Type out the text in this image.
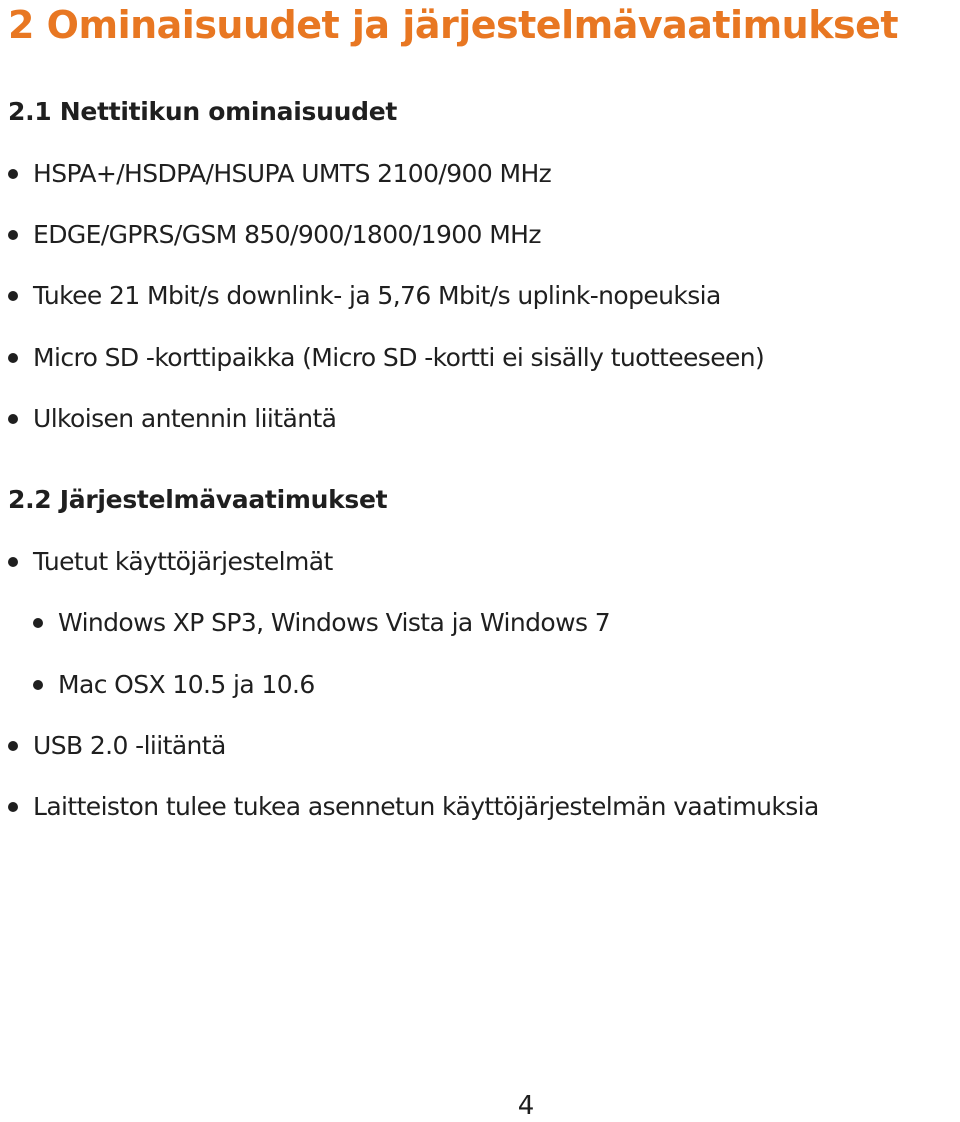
2 Ominaisuudet ja järjestelmävaatimukset
2.1 Nettitikun ominaisuudet
HSPA+/HSDPA/HSUPA UMTS 2100/900 MHz
EDGE/GPRS/GSM 850/900/1800/1900 MHz
Tukee 21 Mbit/s downlink- ja 5,76 Mbit/s uplink-nopeuksia
Micro SD -korttipaikka (Micro SD -kortti ei sisälly tuotteeseen)
Ulkoisen antennin liitäntä
2.2 Järjestelmävaatimukset
Tuetut käyttöjärjestelmät
Windows XP SP3, Windows Vista ja Windows 7
Mac OSX 10.5 ja 10.6
USB 2.0 -liitäntä
Laitteiston tulee tukea asennetun käyttöjärjestelmän vaatimuksia
4
